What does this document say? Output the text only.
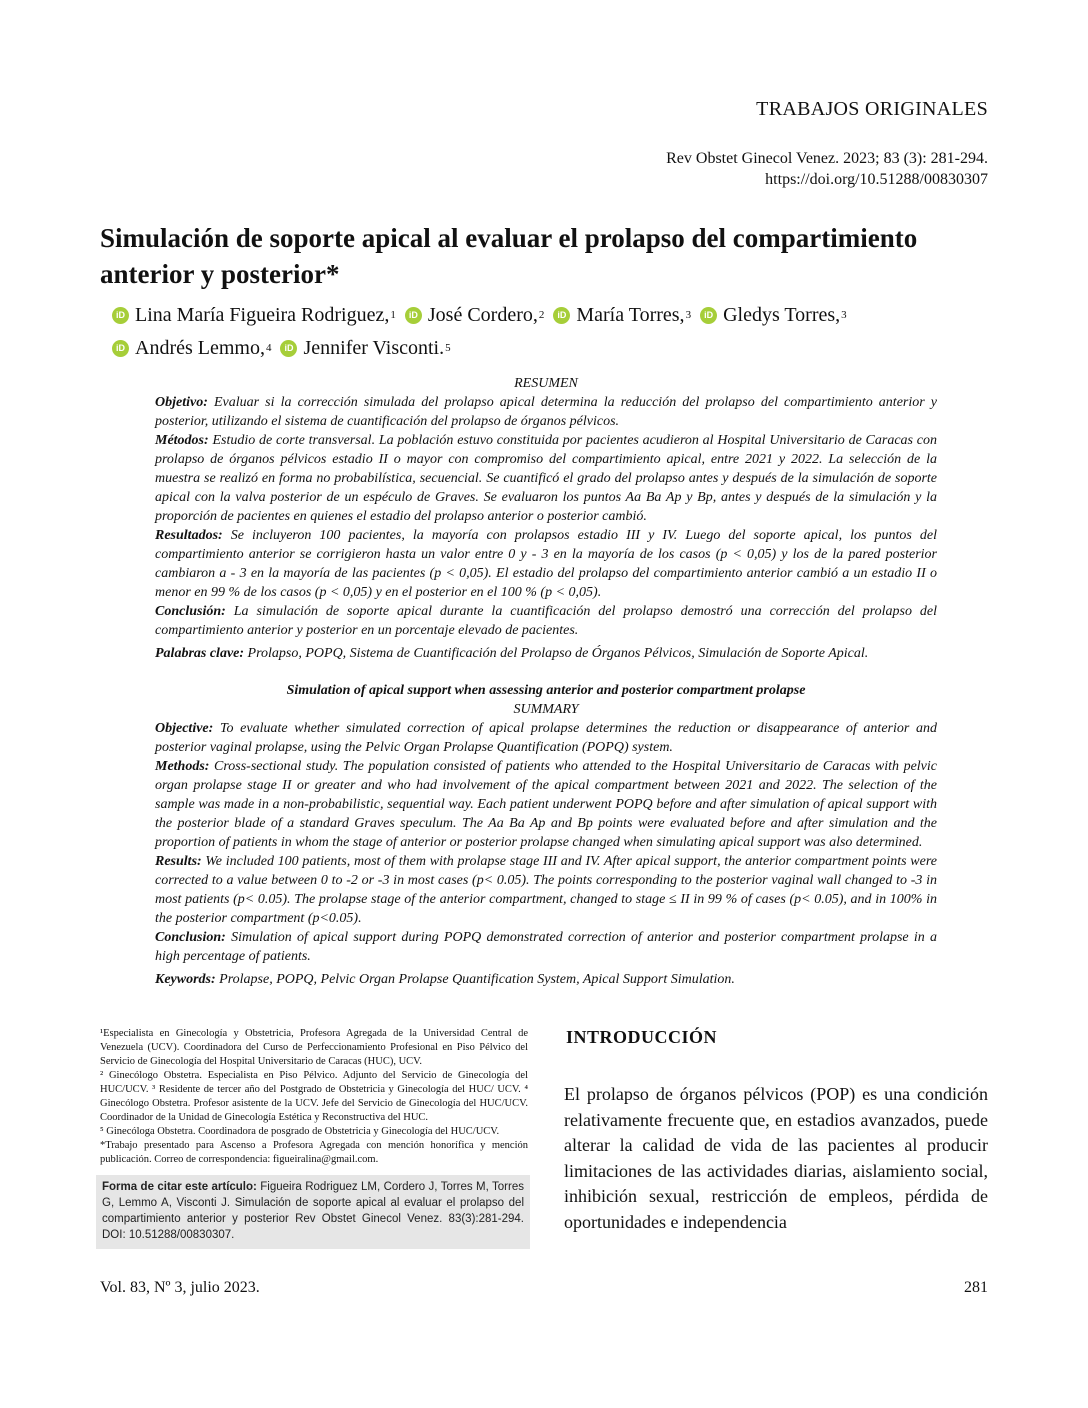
TRABAJOS ORIGINALES
Rev Obstet Ginecol Venez. 2023; 83 (3): 281-294.
https://doi.org/10.51288/00830307
Simulación de soporte apical al evaluar el prolapso del compartimiento anterior y posterior*
iD Lina María Figueira Rodriguez, 1
	iD José Cordero, 2
	iD María Torres, 3
	iD Gledys Torres, 3

iD Andrés Lemmo, 4
	iD Jennifer Visconti. 5

RESUMEN

Objetivo: Evaluar si la corrección simulada del prolapso apical determina la reducción del prolapso del compartimiento anterior y posterior, utilizando el sistema de cuantificación del prolapso de órganos pélvicos.

Métodos: Estudio de corte transversal. La población estuvo constituida por pacientes acudieron al Hospital Universitario de Caracas con prolapso de órganos pélvicos estadio II o mayor con compromiso del compartimiento apical, entre 2021 y 2022. La selección de la muestra se realizó en forma no probabilística, secuencial. Se cuantificó el grado del prolapso antes y después de la simulación de soporte apical con la valva posterior de un espéculo de Graves. Se evaluaron los puntos Aa Ba Ap y Bp, antes y después de la simulación y la proporción de pacientes en quienes el estadio del prolapso anterior o posterior cambió.

Resultados: Se incluyeron 100 pacientes, la mayoría con prolapsos estadio III y IV. Luego del soporte apical, los puntos del compartimiento anterior se corrigieron hasta un valor entre 0 y - 3 en la mayoría de los casos (p < 0,05) y los de la pared posterior cambiaron a - 3 en la mayoría de las pacientes (p < 0,05). El estadio del prolapso del compartimiento anterior cambió a un estadio II o menor en 99 % de los casos (p < 0,05) y en el posterior en el 100 % (p < 0,05).

Conclusión: La simulación de soporte apical durante la cuantificación del prolapso demostró una corrección del prolapso del compartimiento anterior y posterior en un porcentaje elevado de pacientes.

Palabras clave: Prolapso, POPQ, Sistema de Cuantificación del Prolapso de Órganos Pélvicos, Simulación de Soporte Apical.

Simulation of apical support when assessing anterior and posterior compartment prolapse

SUMMARY

Objective: To evaluate whether simulated correction of apical prolapse determines the reduction or disappearance of anterior and posterior vaginal prolapse, using the Pelvic Organ Prolapse Quantification (POPQ) system.

Methods: Cross-sectional study. The population consisted of patients who attended to the Hospital Universitario de Caracas with pelvic organ prolapse stage II or greater and who had involvement of the apical compartment between 2021 and 2022. The selection of the sample was made in a non-probabilistic, sequential way. Each patient underwent POPQ before and after simulation of apical support with the posterior blade of a standard Graves speculum. The Aa Ba Ap and Bp points were evaluated before and after simulation and the proportion of patients in whom the stage of anterior or posterior prolapse changed when simulating apical support was also determined.

Results: We included 100 patients, most of them with prolapse stage III and IV. After apical support, the anterior compartment points were corrected to a value between 0 to -2 or -3 in most cases (p< 0.05). The points corresponding to the posterior vaginal wall changed to -3 in most patients (p< 0.05). The prolapse stage of the anterior compartment, changed to stage ≤ II in 99 % of cases (p< 0.05), and in 100% in the posterior compartment (p<0.05).

Conclusion: Simulation of apical support during POPQ demonstrated correction of anterior and posterior compartment prolapse in a high percentage of patients.

Keywords: Prolapse, POPQ, Pelvic Organ Prolapse Quantification System, Apical Support Simulation.

¹Especialista en Ginecología y Obstetricia, Profesora Agregada de la Universidad Central de Venezuela (UCV). Coordinadora del Curso de Perfeccionamiento Profesional en Piso Pélvico del Servicio de Ginecología del Hospital Universitario de Caracas (HUC), UCV.

² Ginecólogo Obstetra. Especialista en Piso Pélvico. Adjunto del Servicio de Ginecología del HUC/UCV. ³ Residente de tercer año del Postgrado de Obstetricia y Ginecología del HUC/ UCV. ⁴ Ginecólogo Obstetra. Profesor asistente de la UCV. Jefe del Servicio de Ginecología del HUC/UCV. Coordinador de la Unidad de Ginecología Estética y Reconstructiva del HUC.

⁵ Ginecóloga Obstetra. Coordinadora de posgrado de Obstetricia y Ginecología del HUC/UCV.

*Trabajo presentado para Ascenso a Profesora Agregada con mención honorífica y mención publicación. Correo de correspondencia: figueiralina@gmail.com.

Forma de citar este artículo: Figueira Rodriguez LM, Cordero J, Torres M, Torres G, Lemmo A, Visconti J. Simulación de soporte apical al evaluar el prolapso del compartimiento anterior y posterior Rev Obstet Ginecol Venez. 83(3):281-294. DOI: 10.51288/00830307.
INTRODUCCIÓN
El prolapso de órganos pélvicos (POP) es una condición relativamente frecuente que, en estadios avanzados, puede alterar la calidad de vida de las pacientes al producir limitaciones de las actividades diarias, aislamiento social, inhibición sexual, restricción de empleos, pérdida de oportunidades e independencia
Vol. 83, Nº 3, julio 2023.	281
